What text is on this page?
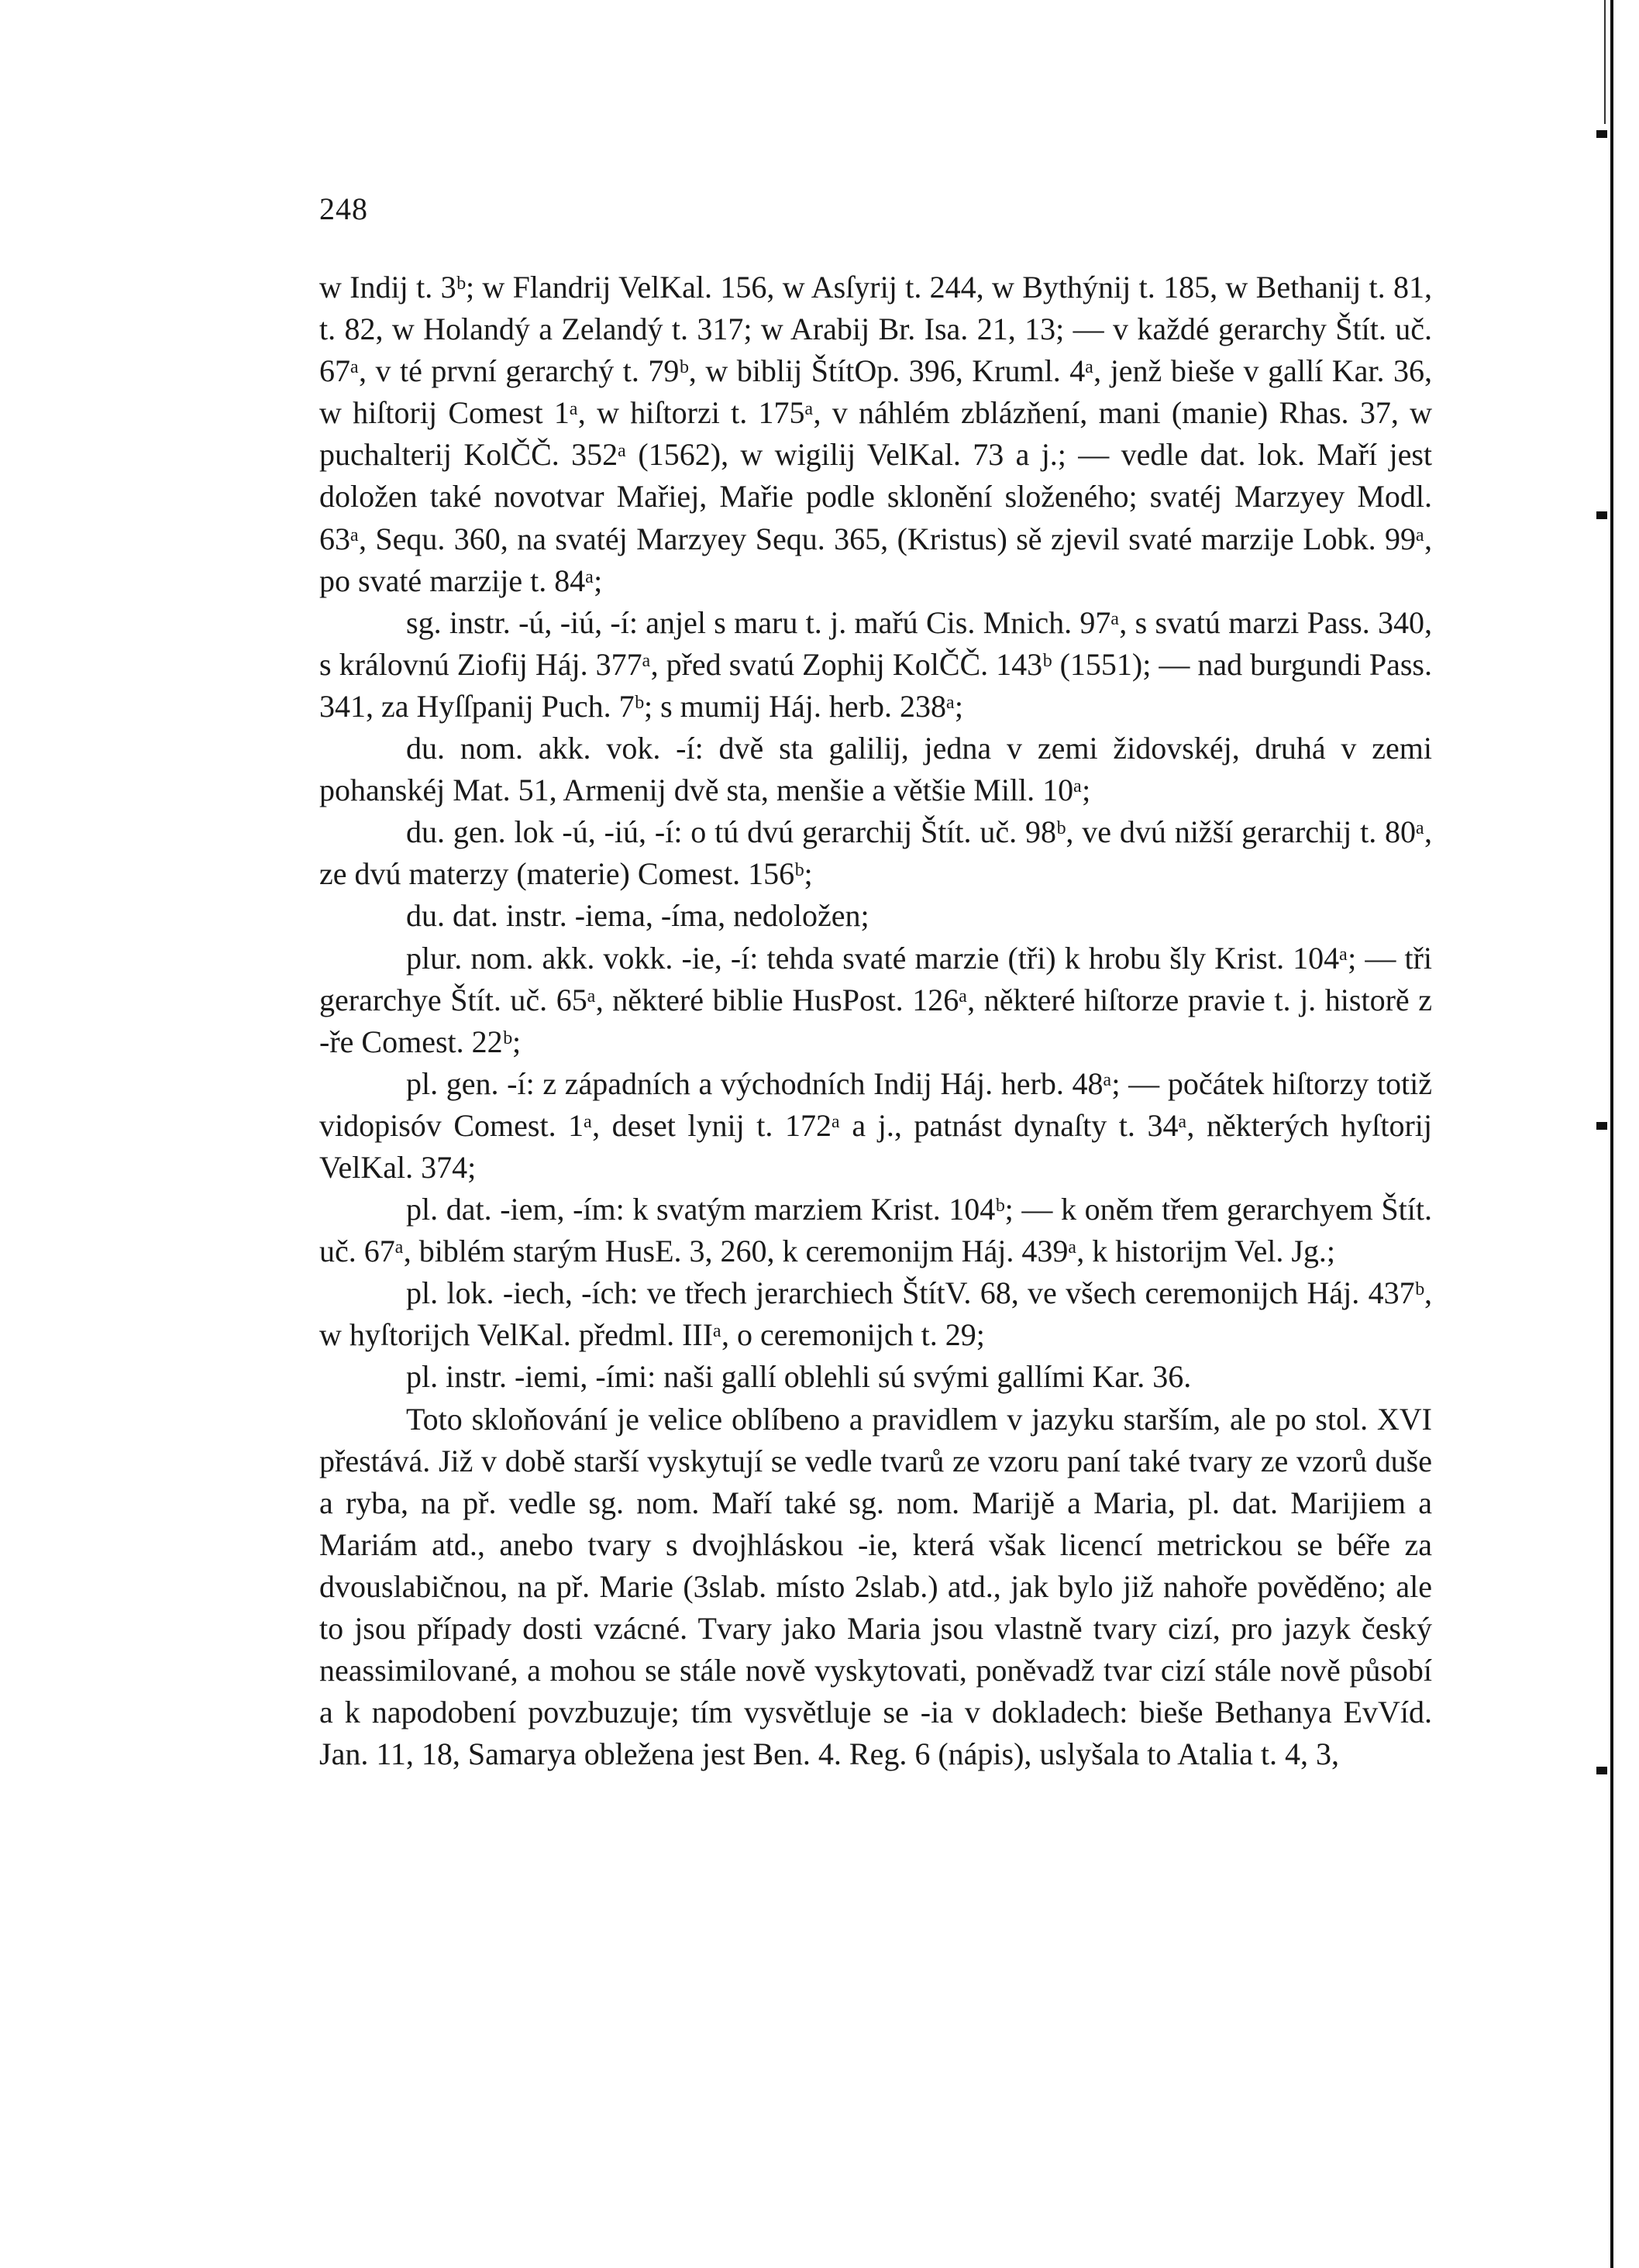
248

w Indij t. 3ᵇ; w Flandrij VelKal. 156, w Asſyrij t. 244, w Bythýnij t. 185, w Bethanij t. 81, t. 82, w Holandý a Zelandý t. 317; w Arabij Br. Isa. 21, 13; — v každé gerarchy Štít. uč. 67ᵃ, v té první gerarchý t. 79ᵇ, w biblij ŠtítOp. 396, Kruml. 4ᵃ, jenž bieše v gallí Kar. 36, w hiſtorij Comest 1ᵃ, w hiſtorzi t. 175ᵃ, v náhlém zblázňení, mani (manie) Rhas. 37, w puchalterij KolČČ. 352ᵃ (1562), w wigilij VelKal. 73 a j.; — vedle dat. lok. Maří jest doložen také novotvar Mařiej, Mařie podle sklonění složeného; svatéj Marzyey Modl. 63ᵃ, Sequ. 360, na svatéj Marzyey Sequ. 365, (Kristus) sě zjevil svaté marzije Lobk. 99ᵃ, po svaté marzije t. 84ᵃ;

sg. instr. -ú, -iú, -í: anjel s maru t. j. mařú Cis. Mnich. 97ᵃ, s svatú marzi Pass. 340, s královnú Ziofij Háj. 377ᵃ, před svatú Zophij KolČČ. 143ᵇ (1551); — nad burgundi Pass. 341, za Hyſſpanij Puch. 7ᵇ; s mumij Háj. herb. 238ᵃ;

du. nom. akk. vok. -í: dvě sta galilij, jedna v zemi židovskéj, druhá v zemi pohanskéj Mat. 51, Armenij dvě sta, menšie a většie Mill. 10ᵃ;

du. gen. lok -ú, -iú, -í: o tú dvú gerarchij Štít. uč. 98ᵇ, ve dvú nižší gerarchij t. 80ᵃ, ze dvú materzy (materie) Comest. 156ᵇ;

du. dat. instr. -iema, -íma, nedoložen;

plur. nom. akk. vokk. -ie, -í: tehda svaté marzie (tři) k hrobu šly Krist. 104ᵃ; — tři gerarchye Štít. uč. 65ᵃ, některé biblie HusPost. 126ᵃ, některé hiſtorze pravie t. j. historě z -ře Comest. 22ᵇ;

pl. gen. -í: z západních a východních Indij Háj. herb. 48ᵃ; — počátek hiſtorzy totiž vidopisóv Comest. 1ᵃ, deset lynij t. 172ᵃ a j., patnást dynaſty t. 34ᵃ, některých hyſtorij VelKal. 374;

pl. dat. -iem, -ím: k svatým marziem Krist. 104ᵇ; — k oněm třem gerarchyem Štít. uč. 67ᵃ, biblém starým HusE. 3, 260, k ceremonijm Háj. 439ᵃ, k historijm Vel. Jg.;

pl. lok. -iech, -ích: ve třech jerarchiech ŠtítV. 68, ve všech ceremonijch Háj. 437ᵇ, w hyſtorijch VelKal. předml. IIIᵃ, o ceremonijch t. 29;

pl. instr. -iemi, -ími: naši gallí oblehli sú svými gallími Kar. 36.

Toto skloňování je velice oblíbeno a pravidlem v jazyku starším, ale po stol. XVI přestává. Již v době starší vyskytují se vedle tvarů ze vzoru paní také tvary ze vzorů duše a ryba, na př. vedle sg. nom. Maří také sg. nom. Marijě a Maria, pl. dat. Marijiem a Mariám atd., anebo tvary s dvojhláskou -ie, která však licencí metrickou se béře za dvouslabičnou, na př. Marie (3slab. místo 2slab.) atd., jak bylo již nahoře pověděno; ale to jsou případy dosti vzácné. Tvary jako Maria jsou vlastně tvary cizí, pro jazyk český neassimilované, a mohou se stále nově vyskytovati, poněvadž tvar cizí stále nově působí a k napodobení povzbuzuje; tím vysvětluje se -ia v dokladech: bieše Bethanya EvVíd. Jan. 11, 18, Samarya obležena jest Ben. 4. Reg. 6 (nápis), uslyšala to Atalia t. 4, 3,
